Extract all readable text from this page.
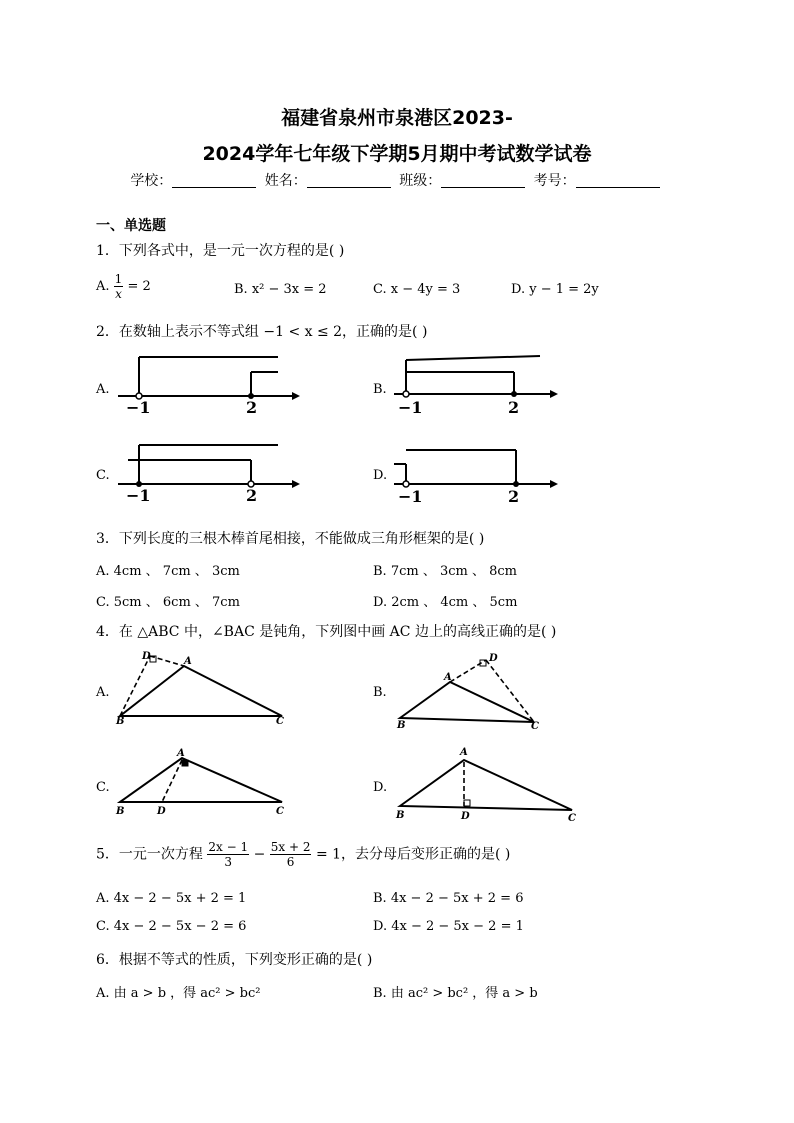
福建省泉州市泉港区2023-
2024学年七年级下学期5月期中考试数学试卷
学校：	姓名：	班级：	考号：
一、单选题
1．下列各式中，是一元一次方程的是( )
A. $\frac{1}{x} = 2$	B. x² − 3x = 2	C. x − 4y = 3	D. y − 1 = 2y
2．在数轴上表示不等式组 −1 < x ≤ 2，正确的是( )
A.
−1	2
B.
−1	2
C.
−1	2
D.
−1	2
3．下列长度的三根木棒首尾相接，不能做成三角形框架的是( )
A. 4cm 、 7cm 、 3cm	B. 7cm 、 3cm 、 8cm
C. 5cm 、 6cm 、 7cm	D. 2cm 、 4cm 、 5cm
4．在 △ABC 中，∠BAC 是钝角，下列图中画 AC 边上的高线正确的是( )
A.
D	A
B	C
B.
A
D
B	C
C.
A
B	D	C
D.
A
B	D	C
5．一元一次方程 $\frac{2x - 1}{3} - \frac{5x + 2}{6} = 1$，去分母后变形正确的是( )
A. 4x − 2 − 5x + 2 = 1	B. 4x − 2 − 5x + 2 = 6
C. 4x − 2 − 5x − 2 = 6	D. 4x − 2 − 5x − 2 = 1
6．根据不等式的性质，下列变形正确的是( )
A. 由 a > b ，得 ac² > bc²	B. 由 ac² > bc² ，得 a > b
